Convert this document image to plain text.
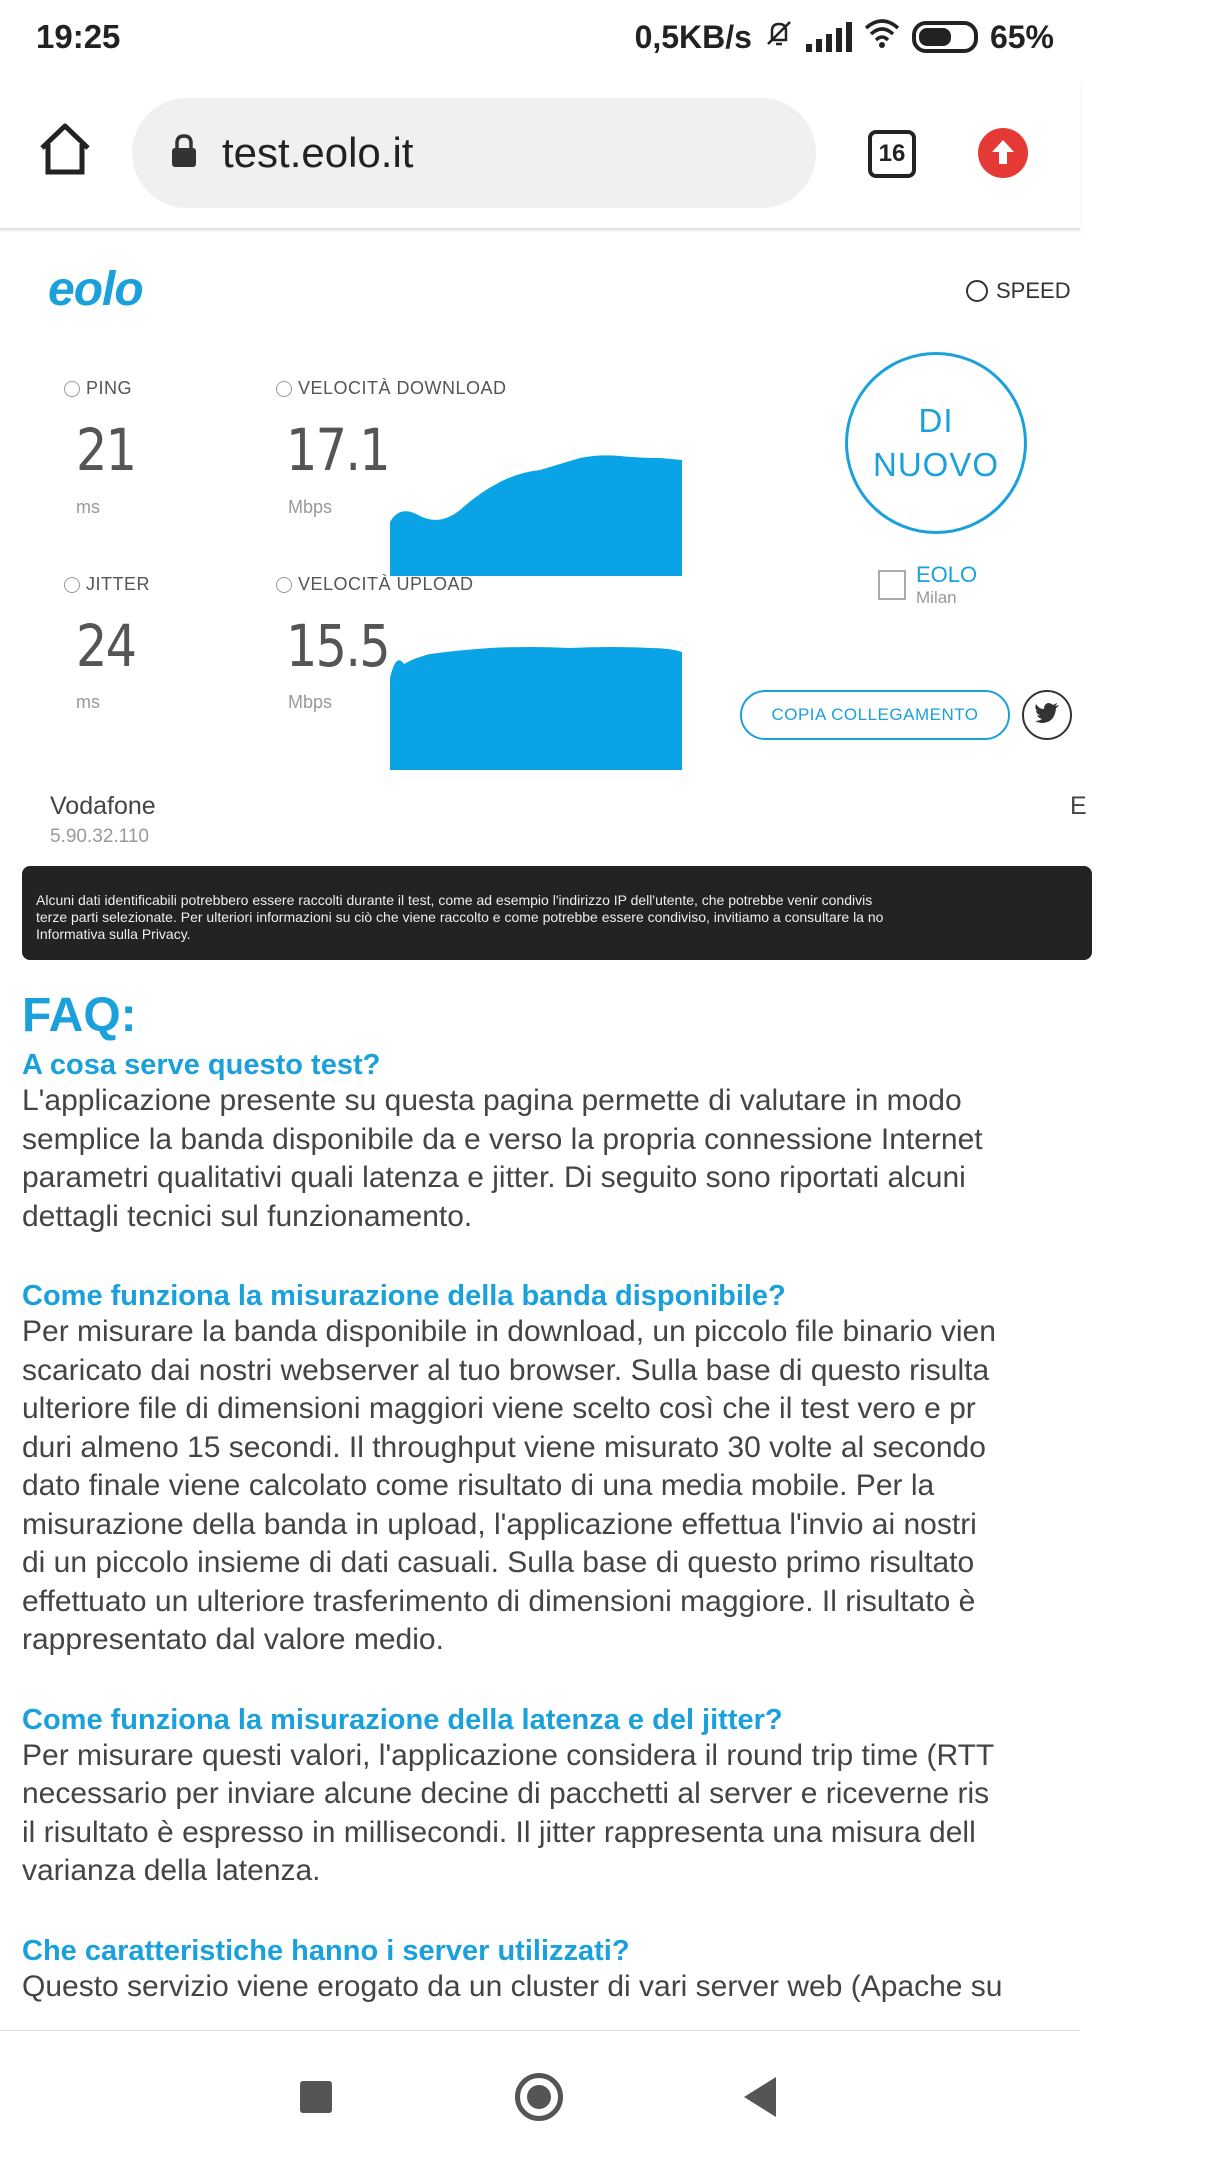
19:25	0,5KB/s	65%
test.eolo.it	16
eolo	SPEED
PING
21
ms
VELOCITÀ DOWNLOAD
17.1
Mbps
JITTER
24
ms
VELOCITÀ UPLOAD
15.5
Mbps
DI
NUOVO
EOLO
Milan
COPIA COLLEGAMENTO
Vodafone
5.90.32.110
E
Alcuni dati identificabili potrebbero essere raccolti durante il test, come ad esempio l'indirizzo IP dell'utente, che potrebbe venir condivis
terze parti selezionate. Per ulteriori informazioni su ciò che viene raccolto e come potrebbe essere condiviso, invitiamo a consultare la no
Informativa sulla Privacy.
FAQ:
A cosa serve questo test?

L'applicazione presente su questa pagina permette di valutare in modo

semplice la banda disponibile da e verso la propria connessione Internet

parametri qualitativi quali latenza e jitter. Di seguito sono riportati alcuni

dettagli tecnici sul funzionamento.

Come funziona la misurazione della banda disponibile?

Per misurare la banda disponibile in download, un piccolo file binario vien

scaricato dai nostri webserver al tuo browser. Sulla base di questo risulta

ulteriore file di dimensioni maggiori viene scelto così che il test vero e pr

duri almeno 15 secondi. Il throughput viene misurato 30 volte al secondo

dato finale viene calcolato come risultato di una media mobile. Per la

misurazione della banda in upload, l'applicazione effettua l'invio ai nostri

di un piccolo insieme di dati casuali. Sulla base di questo primo risultato

effettuato un ulteriore trasferimento di dimensioni maggiore. Il risultato è

rappresentato dal valore medio.

Come funziona la misurazione della latenza e del jitter?

Per misurare questi valori, l'applicazione considera il round trip time (RTT

necessario per inviare alcune decine di pacchetti al server e riceverne ris

il risultato è espresso in millisecondi. Il jitter rappresenta una misura dell

varianza della latenza.

Che caratteristiche hanno i server utilizzati?

Questo servizio viene erogato da un cluster di vari server web (Apache su
